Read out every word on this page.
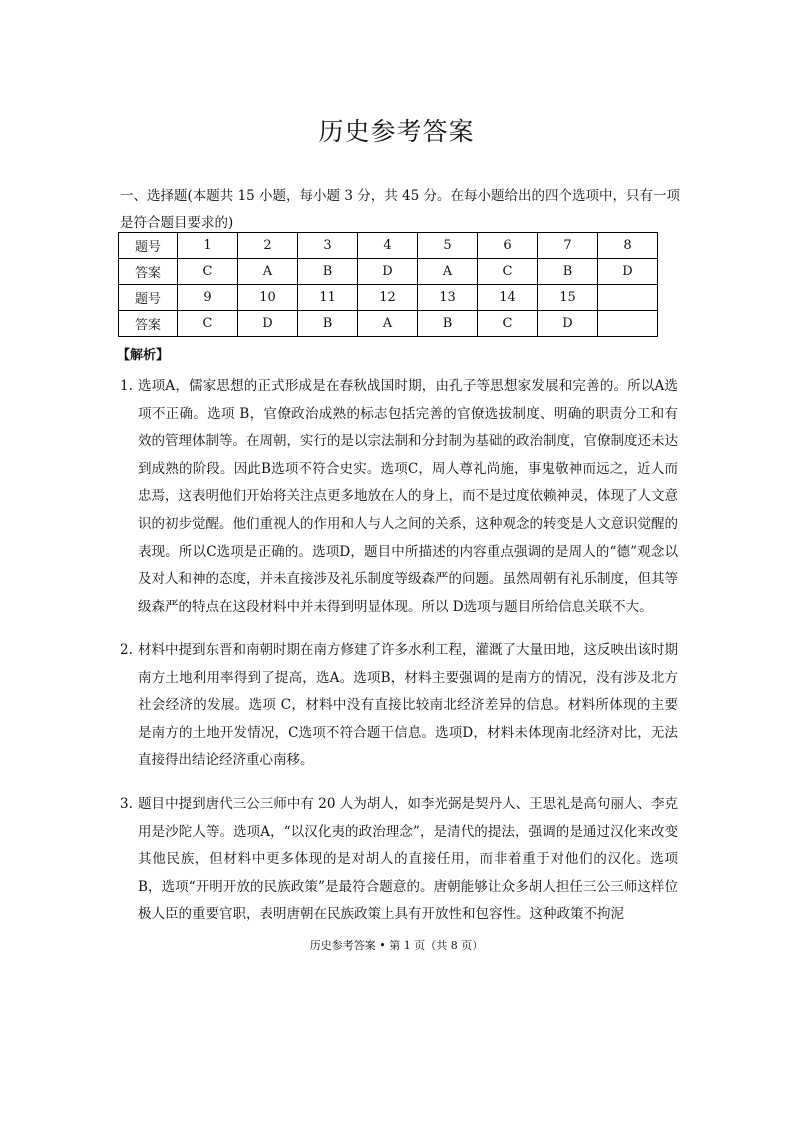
历史参考答案
一、选择题(本题共 15 小题，每小题 3 分，共 45 分。在每小题给出的四个选项中，只有一项是符合题目要求的)
题号	1	2	3	4	5	6	7	8
答案	C	A	B	D	A	C	B	D
题号	9	10	11	12	13	14	15	
答案	C	D	B	A	B	C	D	
【解析】
1. 选项A，儒家思想的正式形成是在春秋战国时期，由孔子等思想家发展和完善的。所以A选项不正确。选项 B，官僚政治成熟的标志包括完善的官僚选拔制度、明确的职责分工和有效的管理体制等。在周朝，实行的是以宗法制和分封制为基础的政治制度，官僚制度还未达到成熟的阶段。因此B选项不符合史实。选项C，周人尊礼尚施，事鬼敬神而远之，近人而忠焉，这表明他们开始将关注点更多地放在人的身上，而不是过度依赖神灵，体现了人文意识的初步觉醒。他们重视人的作用和人与人之间的关系，这种观念的转变是人文意识觉醒的表现。所以C选项是正确的。选项D，题目中所描述的内容重点强调的是周人的“德”观念以及对人和神的态度，并未直接涉及礼乐制度等级森严的问题。虽然周朝有礼乐制度，但其等级森严的特点在这段材料中并未得到明显体现。所以 D选项与题目所给信息关联不大。
2. 材料中提到东晋和南朝时期在南方修建了许多水利工程，灌溉了大量田地，这反映出该时期南方土地利用率得到了提高，选A。选项B，材料主要强调的是南方的情况，没有涉及北方社会经济的发展。选项 C，材料中没有直接比较南北经济差异的信息。材料所体现的主要是南方的土地开发情况，C选项不符合题干信息。选项D，材料未体现南北经济对比，无法直接得出结论经济重心南移。
3. 题目中提到唐代三公三师中有 20 人为胡人，如李光弼是契丹人、王思礼是高句丽人、李克用是沙陀人等。选项A，“以汉化夷的政治理念”，是清代的提法，强调的是通过汉化来改变其他民族，但材料中更多体现的是对胡人的直接任用，而非着重于对他们的汉化。选项 B，选项“开明开放的民族政策”是最符合题意的。唐朝能够让众多胡人担任三公三师这样位极人臣的重要官职，表明唐朝在民族政策上具有开放性和包容性。这种政策不拘泥
历史参考答案 • 第 1 页（共 8 页）
